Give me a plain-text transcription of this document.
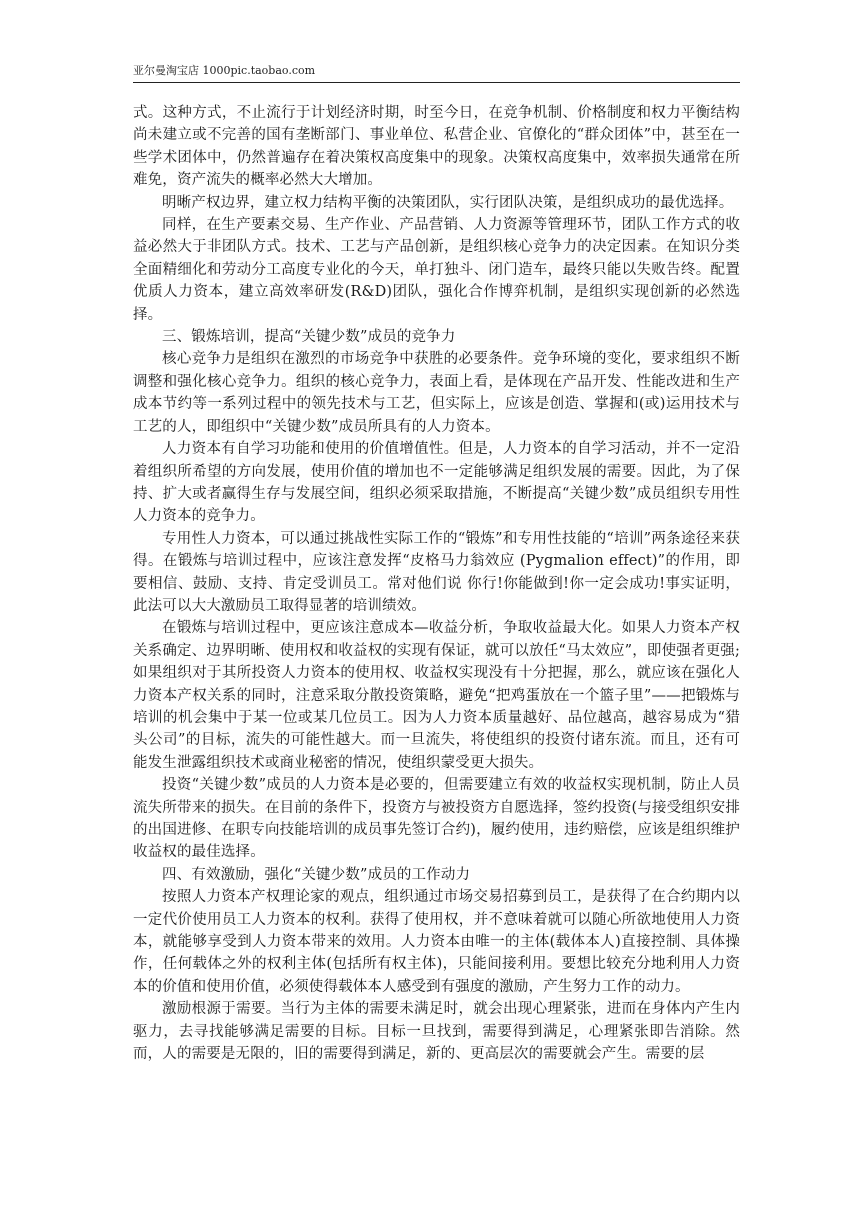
亚尔曼淘宝店 1000pic.taobao.com

式。这种方式，不止流行于计划经济时期，时至今日，在竞争机制、价格制度和权力平衡结构尚未建立或不完善的国有垄断部门、事业单位、私营企业、官僚化的“群众团体”中，甚至在一些学术团体中，仍然普遍存在着决策权高度集中的现象。决策权高度集中，效率损失通常在所难免，资产流失的概率必然大大增加。

明晰产权边界，建立权力结构平衡的决策团队，实行团队决策，是组织成功的最优选择。

同样，在生产要素交易、生产作业、产品营销、人力资源等管理环节，团队工作方式的收益必然大于非团队方式。技术、工艺与产品创新，是组织核心竞争力的决定因素。在知识分类全面精细化和劳动分工高度专业化的今天，单打独斗、闭门造车，最终只能以失败告终。配置优质人力资本，建立高效率研发(R&D)团队，强化合作博弈机制，是组织实现创新的必然选择。

三、锻炼培训，提高“关键少数”成员的竞争力

核心竞争力是组织在激烈的市场竞争中获胜的必要条件。竞争环境的变化，要求组织不断调整和强化核心竞争力。组织的核心竞争力，表面上看，是体现在产品开发、性能改进和生产成本节约等一系列过程中的领先技术与工艺，但实际上，应该是创造、掌握和(或)运用技术与工艺的人，即组织中“关键少数”成员所具有的人力资本。

人力资本有自学习功能和使用的价值增值性。但是，人力资本的自学习活动，并不一定沿着组织所希望的方向发展，使用价值的增加也不一定能够满足组织发展的需要。因此，为了保持、扩大或者赢得生存与发展空间，组织必须采取措施，不断提高“关键少数”成员组织专用性人力资本的竞争力。

专用性人力资本，可以通过挑战性实际工作的“锻炼”和专用性技能的“培训”两条途径来获得。在锻炼与培训过程中，应该注意发挥“皮格马力翁效应 (Pygmalion effect)”的作用，即要相信、鼓励、支持、肯定受训员工。常对他们说 你行!你能做到!你一定会成功!事实证明，此法可以大大激励员工取得显著的培训绩效。

在锻炼与培训过程中，更应该注意成本—收益分析，争取收益最大化。如果人力资本产权关系确定、边界明晰、使用权和收益权的实现有保证，就可以放任“马太效应”，即使强者更强; 如果组织对于其所投资人力资本的使用权、收益权实现没有十分把握，那么，就应该在强化人力资本产权关系的同时，注意采取分散投资策略，避免“把鸡蛋放在一个篮子里”——把锻炼与培训的机会集中于某一位或某几位员工。因为人力资本质量越好、品位越高，越容易成为“猎头公司”的目标，流失的可能性越大。而一旦流失，将使组织的投资付诸东流。而且，还有可能发生泄露组织技术或商业秘密的情况，使组织蒙受更大损失。

投资“关键少数”成员的人力资本是必要的，但需要建立有效的收益权实现机制，防止人员流失所带来的损失。在目前的条件下，投资方与被投资方自愿选择，签约投资(与接受组织安排的出国进修、在职专向技能培训的成员事先签订合约)，履约使用，违约赔偿，应该是组织维护收益权的最佳选择。

四、有效激励，强化“关键少数”成员的工作动力

按照人力资本产权理论家的观点，组织通过市场交易招募到员工，是获得了在合约期内以一定代价使用员工人力资本的权利。获得了使用权，并不意味着就可以随心所欲地使用人力资本，就能够享受到人力资本带来的效用。人力资本由唯一的主体(载体本人)直接控制、具体操作，任何载体之外的权利主体(包括所有权主体)，只能间接利用。要想比较充分地利用人力资本的价值和使用价值，必须使得载体本人感受到有强度的激励，产生努力工作的动力。

激励根源于需要。当行为主体的需要未满足时，就会出现心理紧张，进而在身体内产生内驱力，去寻找能够满足需要的目标。目标一旦找到，需要得到满足，心理紧张即告消除。然而，人的需要是无限的，旧的需要得到满足，新的、更高层次的需要就会产生。需要的层
